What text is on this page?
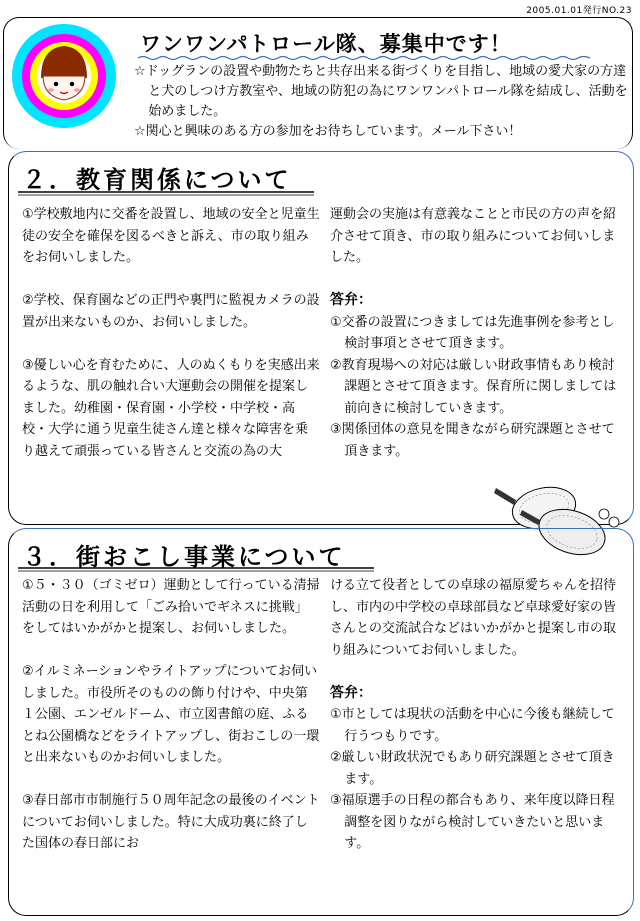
2005.01.01発行NO.23
ワンワンパトロール隊、募集中です！

☆ドッグランの設置や動物たちと共存出来る街づくりを目指し、地域の愛犬家の方達と犬のしつけ方教室や、地域の防犯の為にワンワンパトロール隊を結成し、活動を始めました。

☆関心と興味のある方の参加をお待ちしています。メール下さい！

２．教育関係について

①学校敷地内に交番を設置し、地域の安全と児童生徒の安全を確保を図るべきと訴え、市の取り組みをお伺いしました。

②学校、保育園などの正門や裏門に監視カメラの設置が出来ないものか、お伺いしました。

③優しい心を育むために、人のぬくもりを実感出来るような、肌の触れ合い大運動会の開催を提案しました。幼稚園・保育園・小学校・中学校・高校・大学に通う児童生徒さん達と様々な障害を乗り越えて頑張っている皆さんと交流の為の大

運動会の実施は有意義なことと市民の方の声を紹介させて頂き、市の取り組みについてお伺いしました。

答弁：

①交番の設置につきましては先進事例を参考とし検討事項とさせて頂きます。

②教育現場への対応は厳しい財政事情もあり検討課題とさせて頂きます。保育所に関しましては前向きに検討していきます。

③関係団体の意見を聞きながら研究課題とさせて頂きます。

３．街おこし事業について

①５・３０（ゴミゼロ）運動として行っている清掃活動の日を利用して「ごみ拾いでギネスに挑戦」をしてはいかがかと提案し、お伺いしました。

②イルミネーションやライトアップについてお伺いしました。市役所そのものの飾り付けや、中央第１公園、エンゼルドーム、市立図書館の庭、ふるとね公園橋などをライトアップし、街おこしの一環と出来ないものかお伺いしました。

③春日部市市制施行５０周年記念の最後のイベントについてお伺いしました。特に大成功裏に終了した国体の春日部にお

ける立て役者としての卓球の福原愛ちゃんを招待し、市内の中学校の卓球部員など卓球愛好家の皆さんとの交流試合などはいかがかと提案し市の取り組みについてお伺いしました。

答弁：

①市としては現状の活動を中心に今後も継続して行うつもりです。

②厳しい財政状況でもあり研究課題とさせて頂きます。

③福原選手の日程の都合もあり、来年度以降日程調整を図りながら検討していきたいと思います。
